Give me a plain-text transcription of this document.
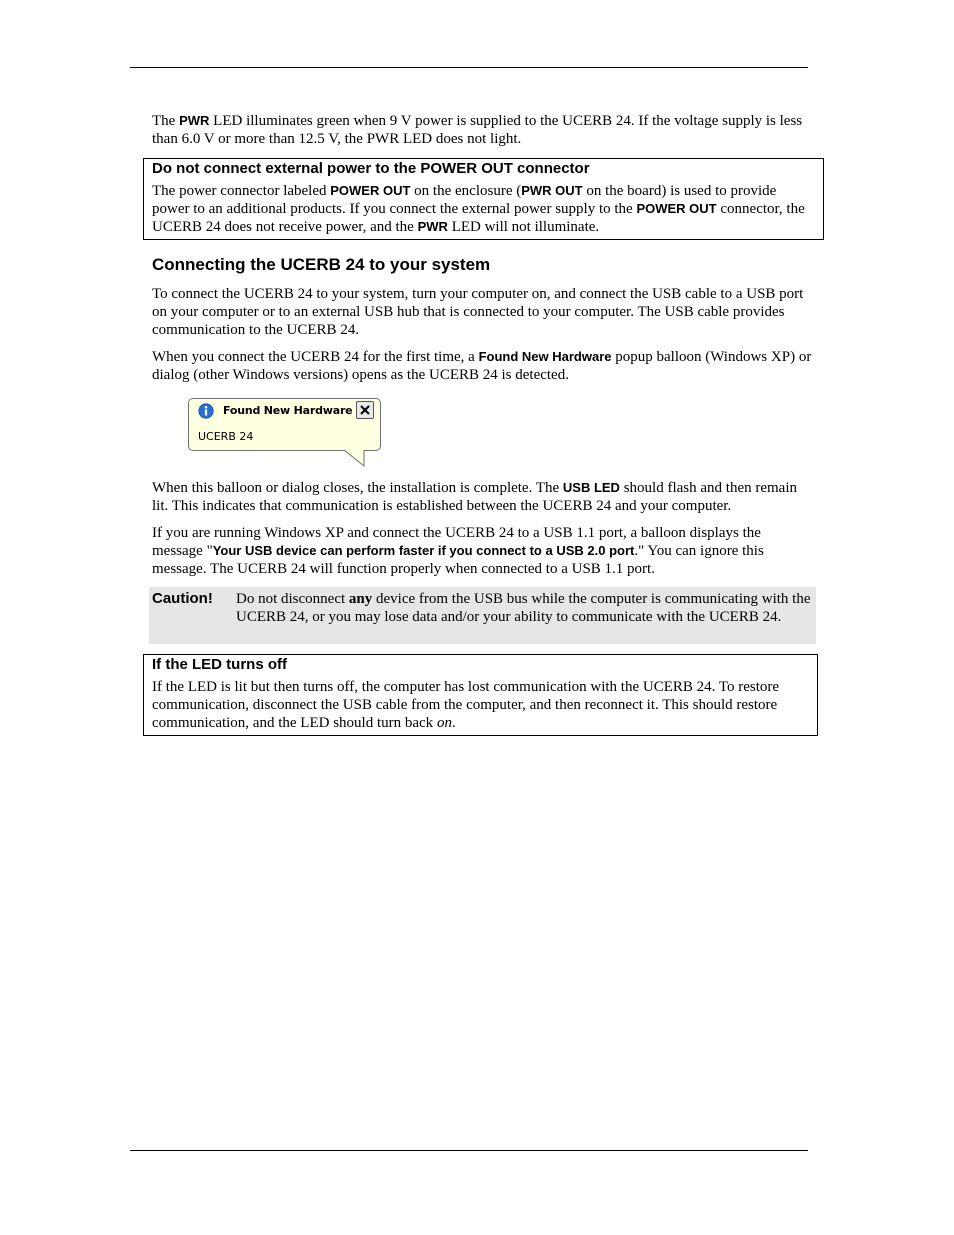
The PWR LED illuminates green when 9 V power is supplied to the UCERB 24. If the voltage supply is less than 6.0 V or more than 12.5 V, the PWR LED does not light.

Do not connect external power to the POWER OUT connector
The power connector labeled POWER OUT on the enclosure (PWR OUT on the board) is used to provide power to an additional products. If you connect the external power supply to the POWER OUT connector, the UCERB 24 does not receive power, and the PWR LED will not illuminate.
Connecting the UCERB 24 to your system

To connect the UCERB 24 to your system, turn your computer on, and connect the USB cable to a USB port on your computer or to an external USB hub that is connected to your computer. The USB cable provides communication to the UCERB 24.

When you connect the UCERB 24 for the first time, a Found New Hardware popup balloon (Windows XP) or dialog (other Windows versions) opens as the UCERB 24 is detected.

Found New Hardware
UCERB 24

When this balloon or dialog closes, the installation is complete. The USB LED should flash and then remain lit. This indicates that communication is established between the UCERB 24 and your computer.

If you are running Windows XP and connect the UCERB 24 to a USB 1.1 port, a balloon displays the message "Your USB device can perform faster if you connect to a USB 2.0 port." You can ignore this message. The UCERB 24 will function properly when connected to a USB 1.1 port.

Caution! Do not disconnect any device from the USB bus while the computer is communicating with the UCERB 24, or you may lose data and/or your ability to communicate with the UCERB 24.
If the LED turns off
If the LED is lit but then turns off, the computer has lost communication with the UCERB 24. To restore communication, disconnect the USB cable from the computer, and then reconnect it. This should restore communication, and the LED should turn back on.
